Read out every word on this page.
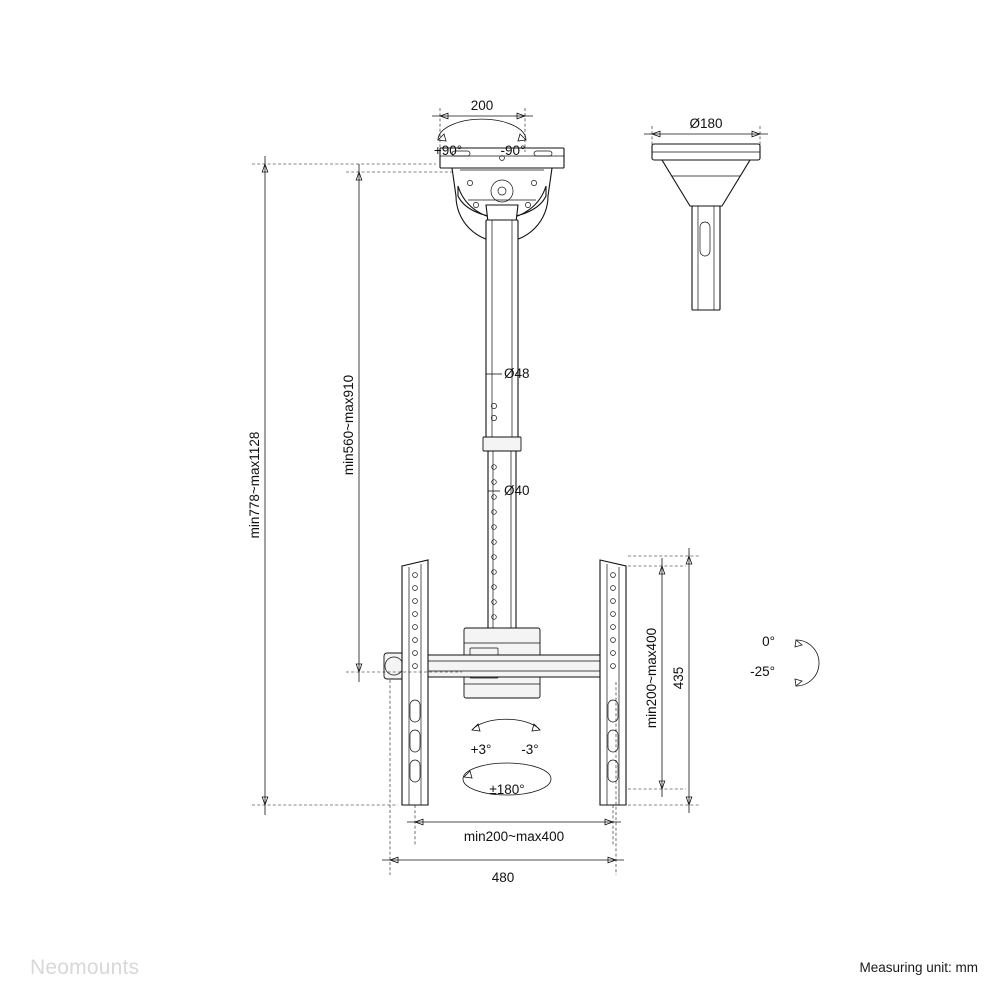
200
+90°	-90°
Ø180
Ø48
Ø40
min778~max1128
min560~max910
min200~max400 435
0°
-25°
+3° -3°
±180°
min200~max400
480
Neomounts	Measuring unit: mm
